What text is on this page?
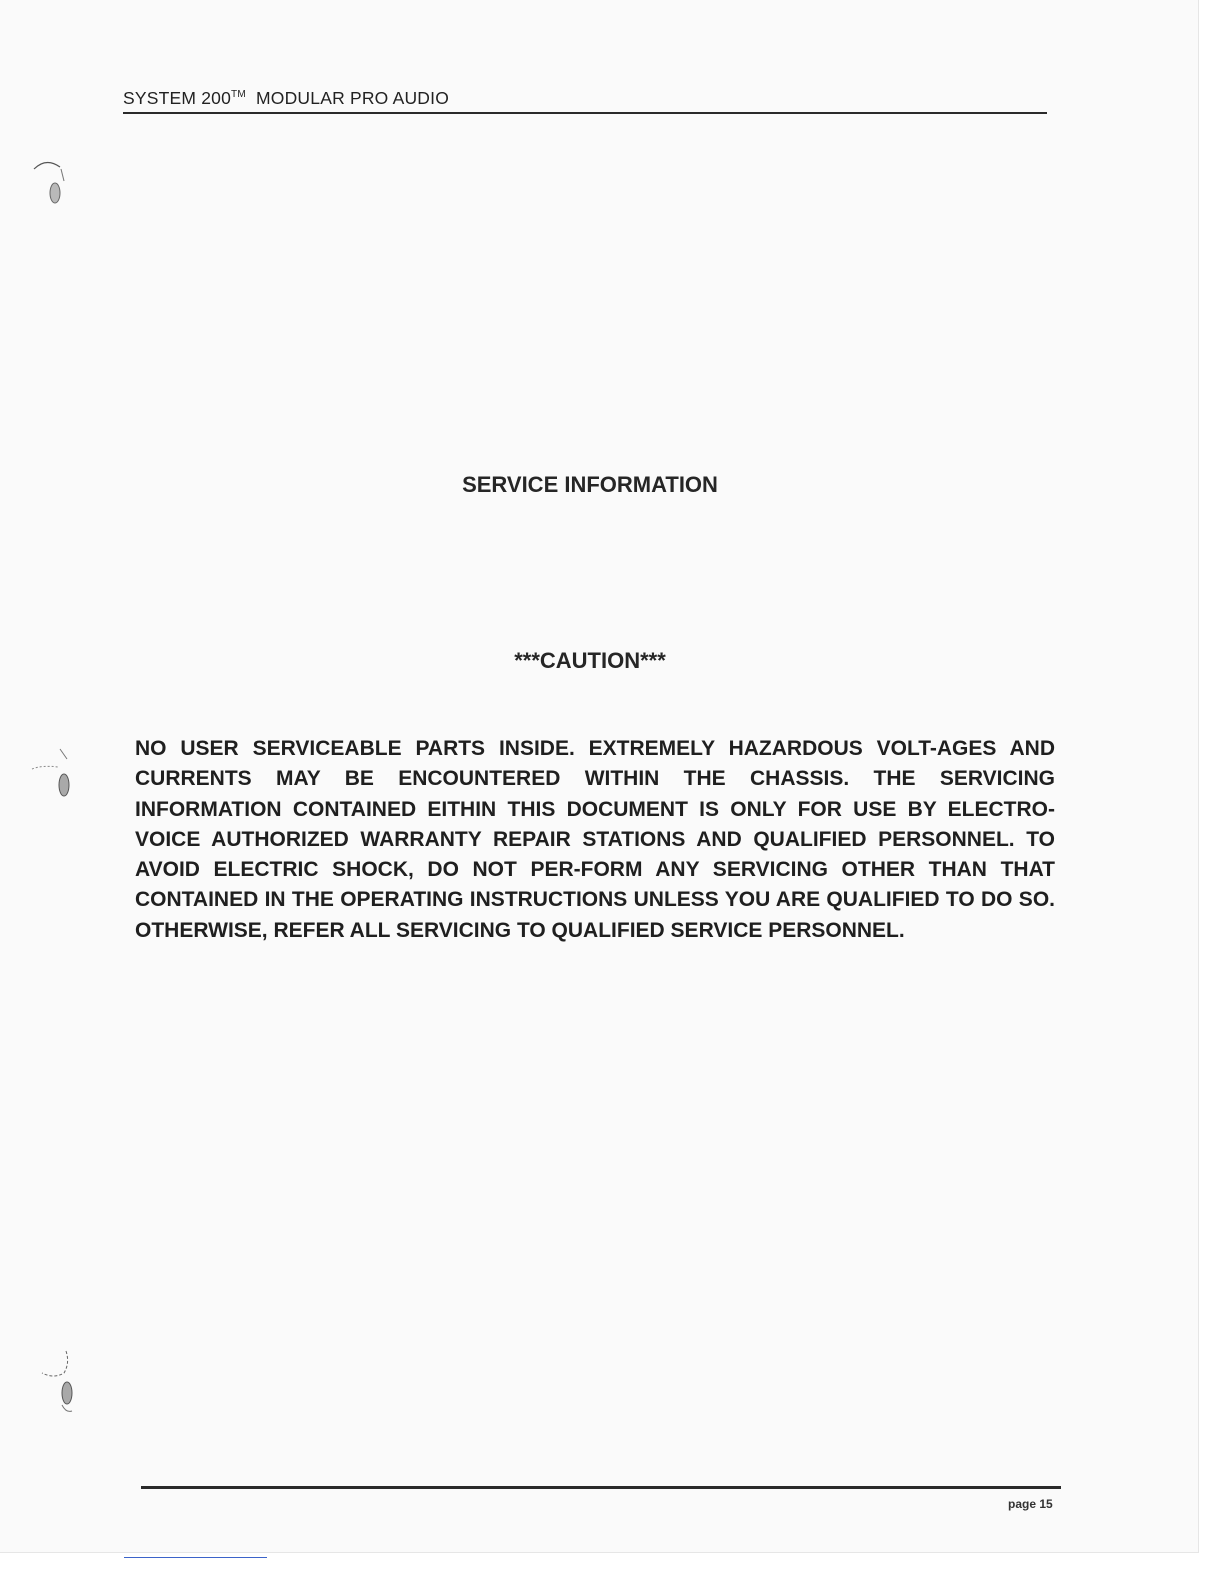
SYSTEM 200™ MODULAR PRO AUDIO
SERVICE INFORMATION
***CAUTION***
NO USER SERVICEABLE PARTS INSIDE. EXTREMELY HAZARDOUS VOLT-AGES AND CURRENTS MAY BE ENCOUNTERED WITHIN THE CHASSIS. THE SERVICING INFORMATION CONTAINED EITHIN THIS DOCUMENT IS ONLY FOR USE BY ELECTRO-VOICE AUTHORIZED WARRANTY REPAIR STATIONS AND QUALIFIED PERSONNEL. TO AVOID ELECTRIC SHOCK, DO NOT PER-FORM ANY SERVICING OTHER THAN THAT CONTAINED IN THE OPERATING INSTRUCTIONS UNLESS YOU ARE QUALIFIED TO DO SO. OTHERWISE, REFER ALL SERVICING TO QUALIFIED SERVICE PERSONNEL.
page 15
